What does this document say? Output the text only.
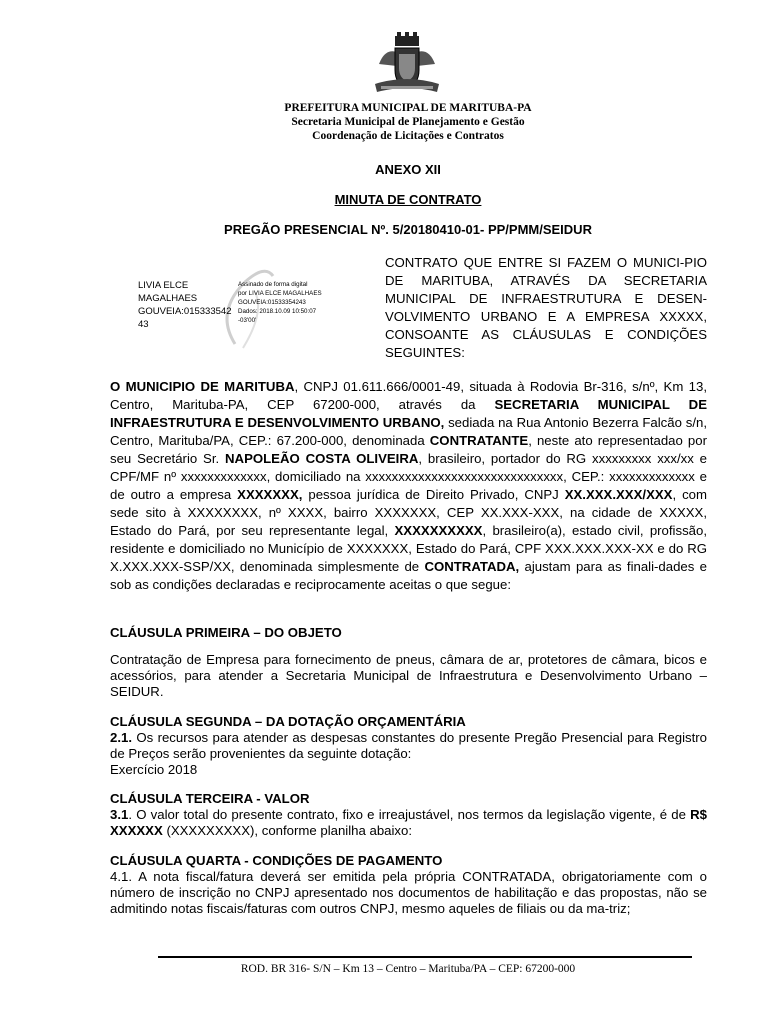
PREFEITURA MUNICIPAL DE MARITUBA-PA
Secretaria Municipal de Planejamento e Gestão
Coordenação de Licitações e Contratos
ANEXO XII
MINUTA DE CONTRATO
PREGÃO PRESENCIAL Nº. 5/20180410-01- PP/PMM/SEIDUR
LIVIA ELCE
MAGALHAES
GOUVEIA:015333542
43
Assinado de forma digital
por LIVIA ELCE MAGALHAES
GOUVEIA:01533354243
Dados: 2018.10.09 10:50:07
-03'00'
CONTRATO QUE ENTRE SI FAZEM O MUNICI-PIO DE MARITUBA, ATRAVÉS DA SECRETARIA MUNICIPAL DE INFRAESTRUTURA E DESEN-VOLVIMENTO URBANO E A EMPRESA XXXXX, CONSOANTE AS CLÁUSULAS E CONDIÇÕES SEGUINTES:
O MUNICIPIO DE MARITUBA, CNPJ 01.611.666/0001-49, situada à Rodovia Br-316, s/nº, Km 13, Centro, Marituba-PA, CEP 67200-000, através da SECRETARIA MUNICIPAL DE INFRAESTRUTURA E DESENVOLVIMENTO URBANO, sediada na Rua Antonio Bezerra Falcão s/n, Centro, Marituba/PA, CEP.: 67.200-000, denominada CONTRATANTE, neste ato representadao por seu Secretário Sr. NAPOLEÃO COSTA OLIVEIRA, brasileiro, portador do RG xxxxxxxxx xxx/xx e CPF/MF nº xxxxxxxxxxxxx, domiciliado na xxxxxxxxxxxxxxxxxxxxxxxxxxxxxx, CEP.: xxxxxxxxxxxxx e de outro a empresa XXXXXXX, pessoa jurídica de Direito Privado, CNPJ XX.XXX.XXX/XXX, com sede sito à XXXXXXXX, nº XXXX, bairro XXXXXXX, CEP XX.XXX-XXX, na cidade de XXXXX, Estado do Pará, por seu representante legal, XXXXXXXXXX, brasileiro(a), estado civil, profissão, residente e domiciliado no Município de XXXXXXX, Estado do Pará, CPF XXX.XXX.XXX-XX e do RG X.XXX.XXX-SSP/XX, denominada simplesmente de CONTRATADA, ajustam para as finali-dades e sob as condições declaradas e reciprocamente aceitas o que segue:
CLÁUSULA PRIMEIRA – DO OBJETO
Contratação de Empresa para fornecimento de pneus, câmara de ar, protetores de câmara, bicos e acessórios, para atender a Secretaria Municipal de Infraestrutura e Desenvolvimento Urbano – SEIDUR.
CLÁUSULA SEGUNDA – DA DOTAÇÃO ORÇAMENTÁRIA
2.1. Os recursos para atender as despesas constantes do presente Pregão Presencial para Registro de Preços serão provenientes da seguinte dotação:
Exercício 2018
CLÁUSULA TERCEIRA - VALOR
3.1. O valor total do presente contrato, fixo e irreajustável, nos termos da legislação vigente, é de R$ XXXXXX (XXXXXXXXX), conforme planilha abaixo:
CLÁUSULA QUARTA - CONDIÇÕES DE PAGAMENTO
4.1. A nota fiscal/fatura deverá ser emitida pela própria CONTRATADA, obrigatoriamente com o número de inscrição no CNPJ apresentado nos documentos de habilitação e das propostas, não se admitindo notas fiscais/faturas com outros CNPJ, mesmo aqueles de filiais ou da ma-triz;
ROD. BR 316- S/N – Km 13 – Centro – Marituba/PA – CEP: 67200-000
